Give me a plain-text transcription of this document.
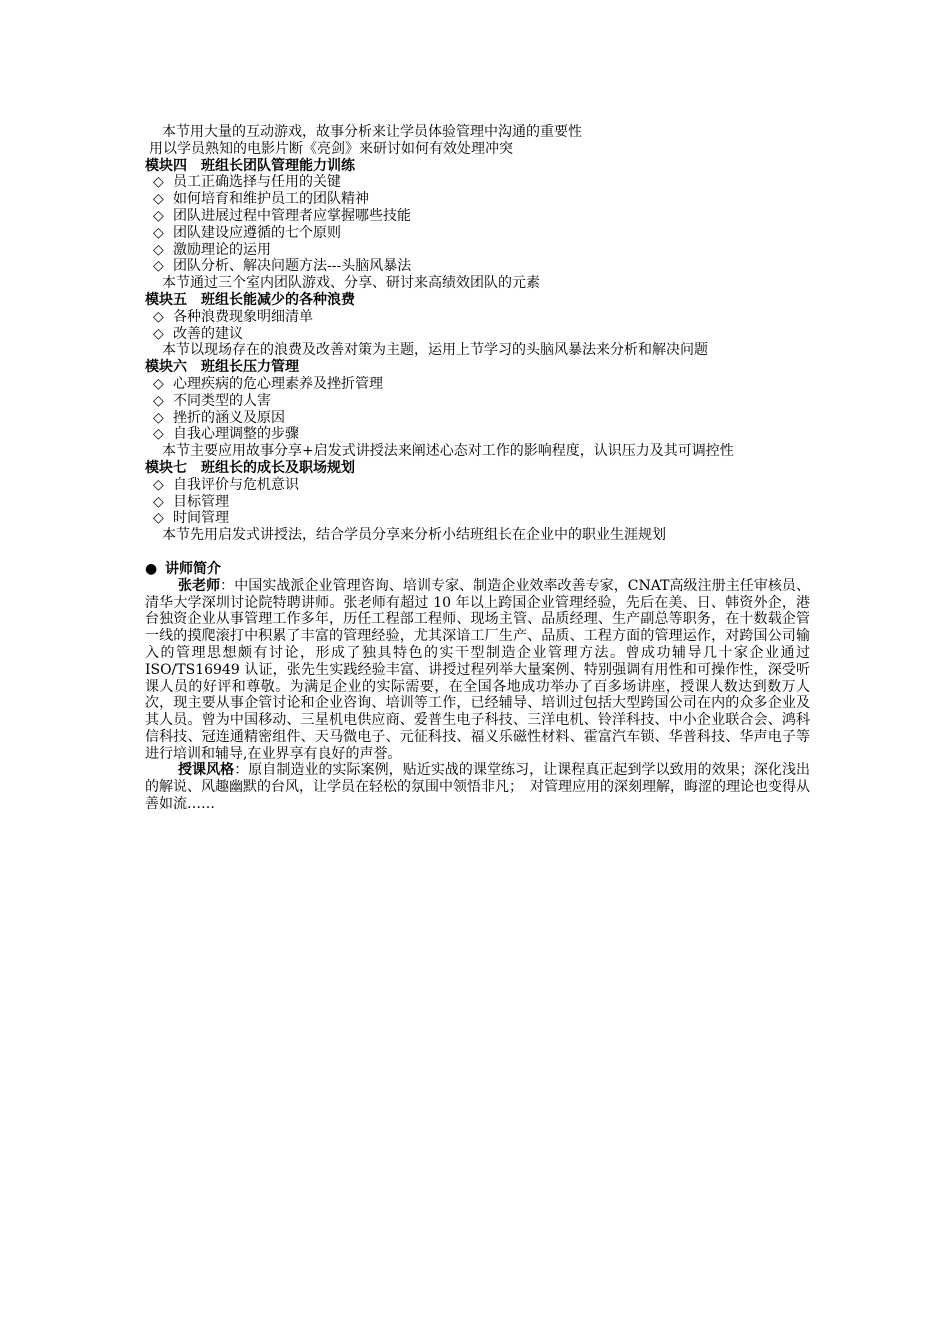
本节用大量的互动游戏，故事分析来让学员体验管理中沟通的重要性
用以学员熟知的电影片断《亮剑》来研讨如何有效处理冲突
模块四 班组长团队管理能力训练
◇ 员工正确选择与任用的关键
◇ 如何培育和维护员工的团队精神
◇ 团队进展过程中管理者应掌握哪些技能
◇ 团队建设应遵循的七个原则
◇ 激励理论的运用
◇ 团队分析、解决问题方法---头脑风暴法
本节通过三个室内团队游戏、分享、研讨来高绩效团队的元素
模块五 班组长能减少的各种浪费
◇ 各种浪费现象明细清单
◇ 改善的建议
本节以现场存在的浪费及改善对策为主题，运用上节学习的头脑风暴法来分析和解决问题
模块六 班组长压力管理
◇ 心理疾病的危心理素养及挫折管理
◇ 不同类型的人害
◇ 挫折的涵义及原因
◇ 自我心理调整的步骤
本节主要应用故事分享+启发式讲授法来阐述心态对工作的影响程度，认识压力及其可调控性
模块七 班组长的成长及职场规划
◇ 自我评价与危机意识
◇ 目标管理
◇ 时间管理
本节先用启发式讲授法，结合学员分享来分析小结班组长在企业中的职业生涯规划
● 讲师简介
张老师：中国实战派企业管理咨询、培训专家、制造企业效率改善专家，CNAT高级注册主任审核员、清华大学深圳讨论院特聘讲师。张老师有超过 10 年以上跨国企业管理经验，先后在美、日、韩资外企，港台独资企业从事管理工作多年，历任工程部工程师、现场主管、品质经理、生产副总等职务，在十数载企管一线的摸爬滚打中积累了丰富的管理经验，尤其深谙工厂生产、品质、工程方面的管理运作，对跨国公司输入的管理思想颇有讨论，形成了独具特色的实干型制造企业管理方法。曾成功辅导几十家企业通过 ISO/TS16949 认证，张先生实践经验丰富、讲授过程列举大量案例、特别强调有用性和可操作性，深受听课人员的好评和尊敬。为满足企业的实际需要，在全国各地成功举办了百多场讲座，授课人数达到数万人次，现主要从事企管讨论和企业咨询、培训等工作，已经辅导、培训过包括大型跨国公司在内的众多企业及其人员。曾为中国移动、三星机电供应商、爱普生电子科技、三洋电机、铃洋科技、中小企业联合会、鸿科信科技、冠连通精密组件、天马微电子、元征科技、福义乐磁性材料、霍富汽车锁、华普科技、华声电子等进行培训和辅导,在业界享有良好的声誉。
授课风格：原自制造业的实际案例，贴近实战的课堂练习，让课程真正起到学以致用的效果；深化浅出的解说、风趣幽默的台风，让学员在轻松的氛围中领悟非凡；　对管理应用的深刻理解，晦涩的理论也变得从善如流……
